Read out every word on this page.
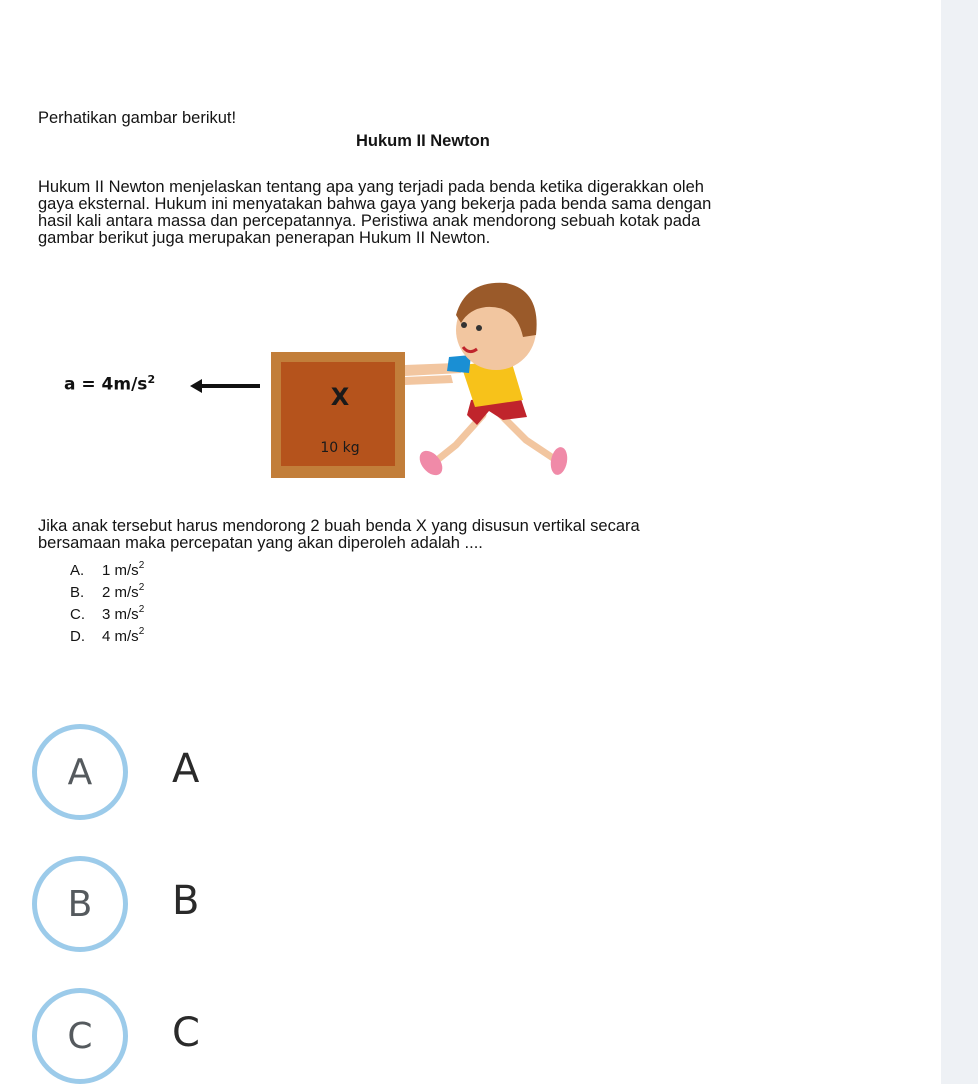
Perhatikan gambar berikut!
Hukum II Newton
Hukum II Newton menjelaskan tentang apa yang terjadi pada benda ketika digerakkan oleh
gaya eksternal. Hukum ini menyatakan bahwa gaya yang bekerja pada benda sama dengan
hasil kali antara massa dan percepatannya. Peristiwa anak mendorong sebuah kotak pada
gambar berikut juga merupakan penerapan Hukum II Newton.
$a = 4m/s^2$
X
10 kg
Jika anak tersebut harus mendorong 2 buah benda X yang disusun vertikal secara
bersamaan maka percepatan yang akan diperoleh adalah ....
A. 1 $m/s^2$
B. 2 $m/s^2$
C. 3 $m/s^2$
D. 4 $m/s^2$
A	A
B	B
C	C
